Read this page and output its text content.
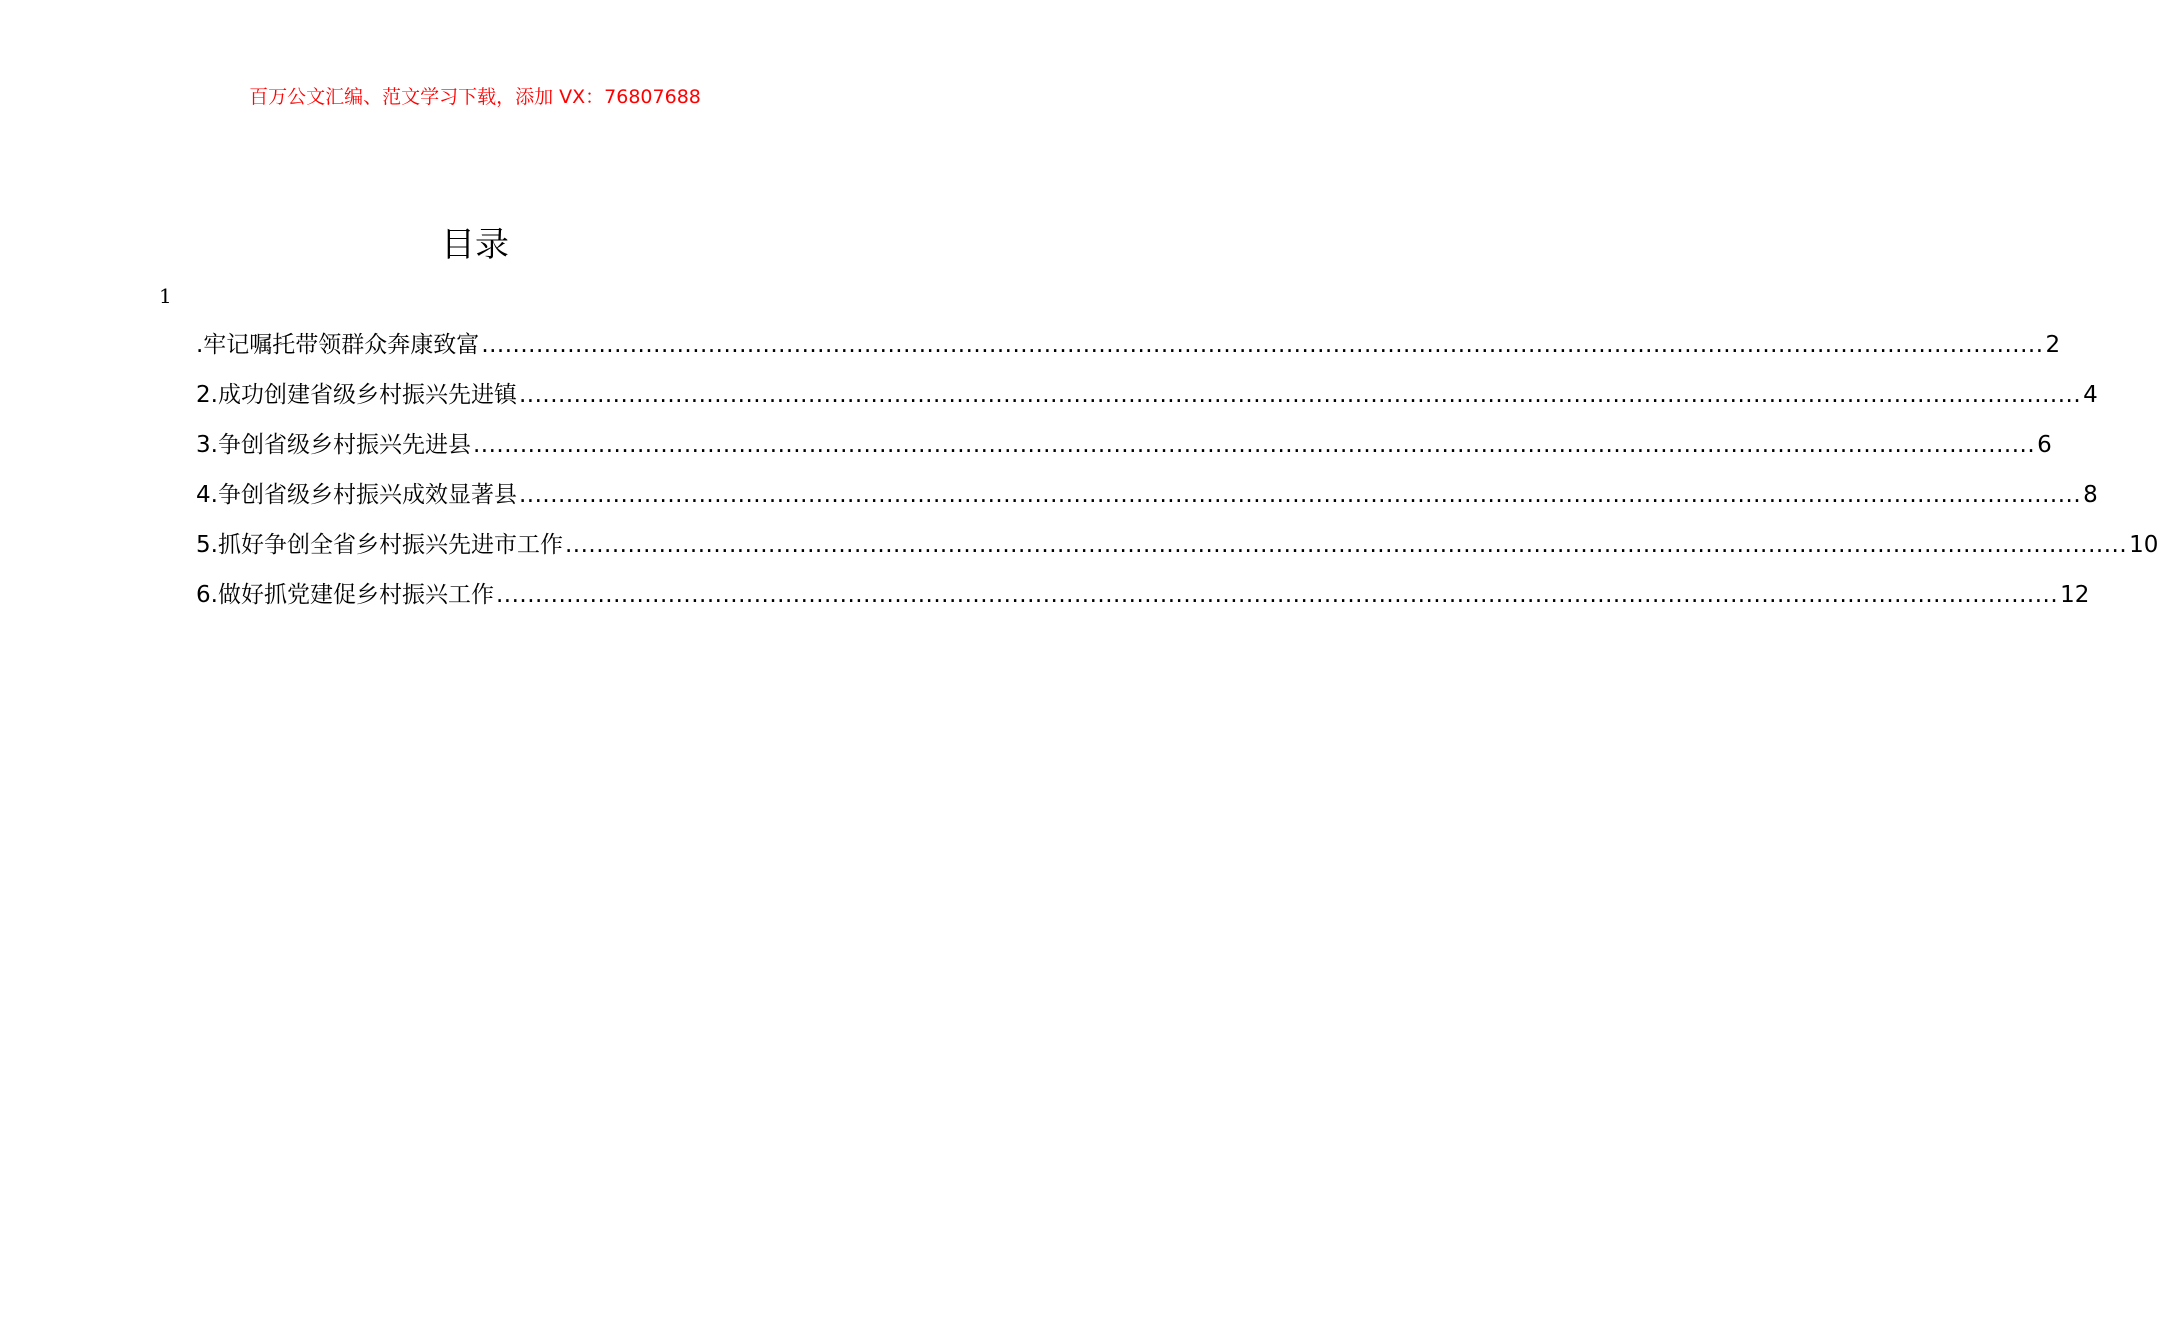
百万公文汇编、范文学习下载，添加 VX：76807688
目录
1
.牢记嘱托带领群众奔康致富 ........................................................................................................................................................................................................ 2
2.成功创建省级乡村振兴先进镇 ........................................................................................................................................................................................................ 4
3.争创省级乡村振兴先进县 ........................................................................................................................................................................................................ 6
4.争创省级乡村振兴成效显著县 ........................................................................................................................................................................................................ 8
5.抓好争创全省乡村振兴先进市工作 ........................................................................................................................................................................................................ 10
6.做好抓党建促乡村振兴工作 ........................................................................................................................................................................................................ 12
